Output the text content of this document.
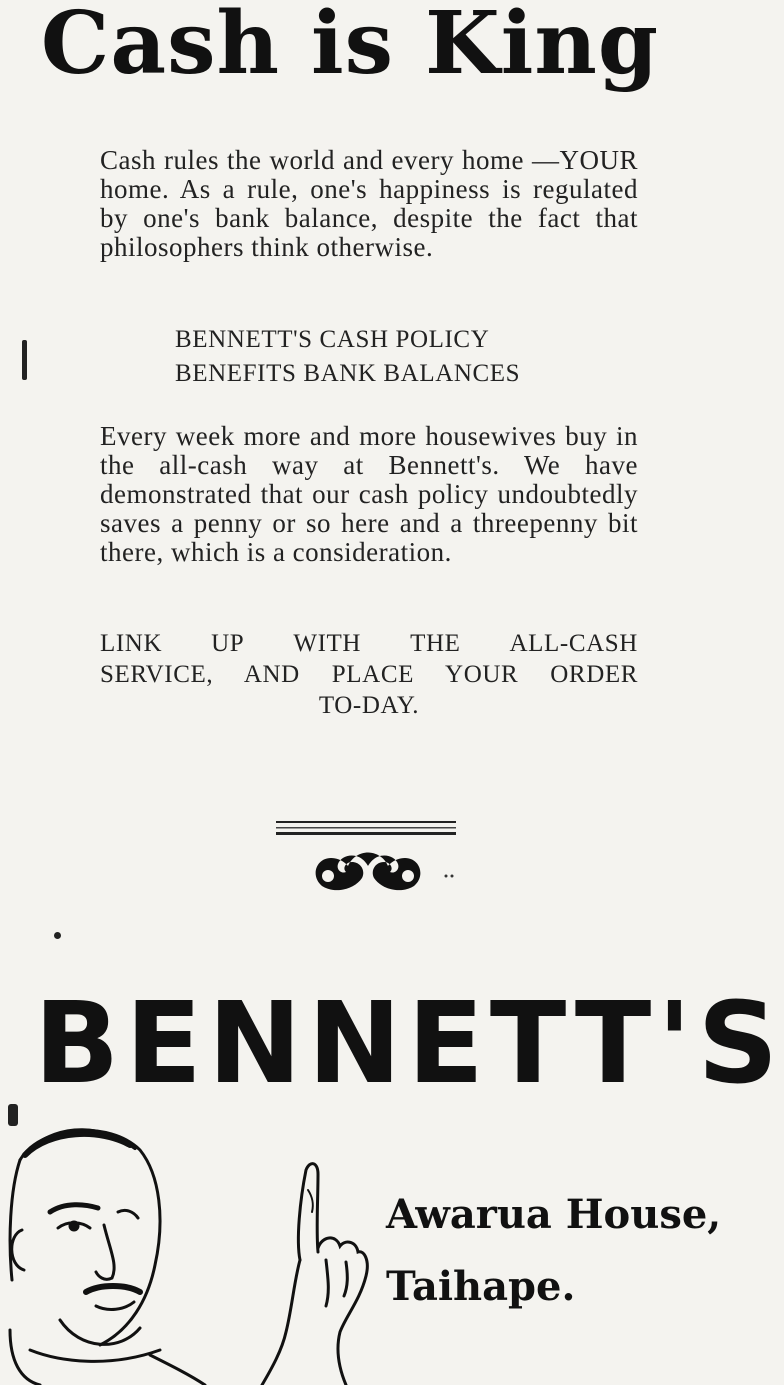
Cash is King
Cash rules the world and every home —YOUR home. As a rule, one's happiness is regulated by one's bank balance, despite the fact that philosophers think otherwise.
BENNETT'S CASH POLICY
BENEFITS BANK BALANCES
Every week more and more housewives buy in the all-cash way at Bennett's. We have demonstrated that our cash policy undoubtedly saves a penny or so here and a threepenny bit there, which is a consideration.
LINK UP WITH THE ALL-CASH
SERVICE, AND PLACE YOUR ORDER
TO-DAY.
BENNETT'S
Awarua House,
Taihape.
